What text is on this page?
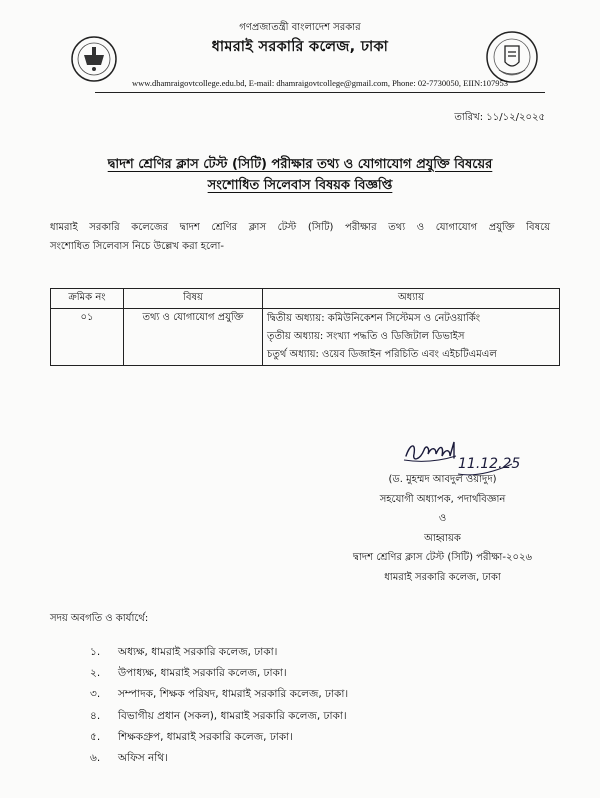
গণপ্রজাতন্ত্রী বাংলাদেশ সরকার
ধামরাই সরকারি কলেজ, ঢাকা
www.dhamraigovtcollege.edu.bd, E-mail: dhamraigovtcollege@gmail.com, Phone: 02-7730050, EIIN:107953
তারিখ: ১১/১২/২০২৫
দ্বাদশ শ্রেণির ক্লাস টেস্ট (সিটি) পরীক্ষার তথ্য ও যোগাযোগ প্রযুক্তি বিষয়ের
সংশোধিত সিলেবাস বিষয়ক বিজ্ঞপ্তি
ধামরাই সরকারি কলেজের দ্বাদশ শ্রেণির ক্লাস টেস্ট (সিটি) পরীক্ষার তথ্য ও যোগাযোগ প্রযুক্তি বিষয়ে
সংশোধিত সিলেবাস নিচে উল্লেখ করা হলো-
ক্রমিক নং	বিষয়	অধ্যায়
০১	তথ্য ও যোগাযোগ প্রযুক্তি	দ্বিতীয় অধ্যায়: কমিউনিকেশন সিস্টেমস ও নেটওয়ার্কিং
তৃতীয় অধ্যায়: সংখ্যা পদ্ধতি ও ডিজিটাল ডিভাইস
চতুর্থ অধ্যায়: ওয়েব ডিজাইন পরিচিতি এবং এইচটিএমএল
11.12.25
(ড. মুহম্মদ আবদুল ওয়াদুদ)
সহযোগী অধ্যাপক, পদার্থবিজ্ঞান
ও
আহ্বায়ক
দ্বাদশ শ্রেণির ক্লাস টেস্ট (সিটি) পরীক্ষা-২০২৬
ধামরাই সরকারি কলেজ, ঢাকা
সদয় অবগতি ও কার্যার্থে:
১. অধ্যক্ষ, ধামরাই সরকারি কলেজ, ঢাকা।
২. উপাধ্যক্ষ, ধামরাই সরকারি কলেজ, ঢাকা।
৩. সম্পাদক, শিক্ষক পরিষদ, ধামরাই সরকারি কলেজ, ঢাকা।
৪. বিভাগীয় প্রধান (সকল), ধামরাই সরকারি কলেজ, ঢাকা।
৫. শিক্ষকগ্রুপ, ধামরাই সরকারি কলেজ, ঢাকা।
৬. অফিস নথি।
